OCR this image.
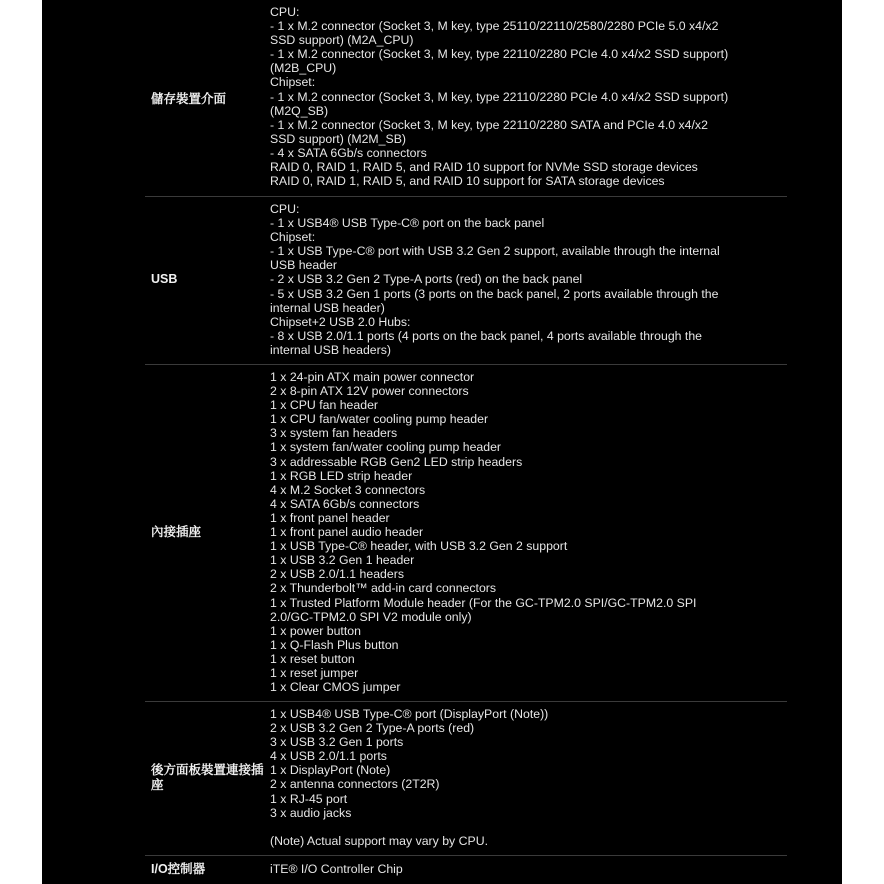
儲存裝置介面
CPU:
- 1 x M.2 connector (Socket 3, M key, type 25110/22110/2580/2280 PCIe 5.0 x4/x2
SSD support) (M2A_CPU)
- 1 x M.2 connector (Socket 3, M key, type 22110/2280 PCIe 4.0 x4/x2 SSD support)
(M2B_CPU)
Chipset:
- 1 x M.2 connector (Socket 3, M key, type 22110/2280 PCIe 4.0 x4/x2 SSD support)
(M2Q_SB)
- 1 x M.2 connector (Socket 3, M key, type 22110/2280 SATA and PCIe 4.0 x4/x2
SSD support) (M2M_SB)
- 4 x SATA 6Gb/s connectors
RAID 0, RAID 1, RAID 5, and RAID 10 support for NVMe SSD storage devices
RAID 0, RAID 1, RAID 5, and RAID 10 support for SATA storage devices
USB
CPU:
- 1 x USB4® USB Type-C® port on the back panel
Chipset:
- 1 x USB Type-C® port with USB 3.2 Gen 2 support, available through the internal
USB header
- 2 x USB 3.2 Gen 2 Type-A ports (red) on the back panel
- 5 x USB 3.2 Gen 1 ports (3 ports on the back panel, 2 ports available through the
internal USB header)
Chipset+2 USB 2.0 Hubs:
- 8 x USB 2.0/1.1 ports (4 ports on the back panel, 4 ports available through the
internal USB headers)
內接插座
1 x 24-pin ATX main power connector
2 x 8-pin ATX 12V power connectors
1 x CPU fan header
1 x CPU fan/water cooling pump header
3 x system fan headers
1 x system fan/water cooling pump header
3 x addressable RGB Gen2 LED strip headers
1 x RGB LED strip header
4 x M.2 Socket 3 connectors
4 x SATA 6Gb/s connectors
1 x front panel header
1 x front panel audio header
1 x USB Type-C® header, with USB 3.2 Gen 2 support
1 x USB 3.2 Gen 1 header
2 x USB 2.0/1.1 headers
2 x Thunderbolt™ add-in card connectors
1 x Trusted Platform Module header (For the GC-TPM2.0 SPI/GC-TPM2.0 SPI
2.0/GC-TPM2.0 SPI V2 module only)
1 x power button
1 x Q-Flash Plus button
1 x reset button
1 x reset jumper
1 x Clear CMOS jumper
後方面板裝置連接插座
1 x USB4® USB Type-C® port (DisplayPort (Note))
2 x USB 3.2 Gen 2 Type-A ports (red)
3 x USB 3.2 Gen 1 ports
4 x USB 2.0/1.1 ports
1 x DisplayPort (Note)
2 x antenna connectors (2T2R)
1 x RJ-45 port
3 x audio jacks
(Note) Actual support may vary by CPU.
I/O控制器	iTE® I/O Controller Chip
